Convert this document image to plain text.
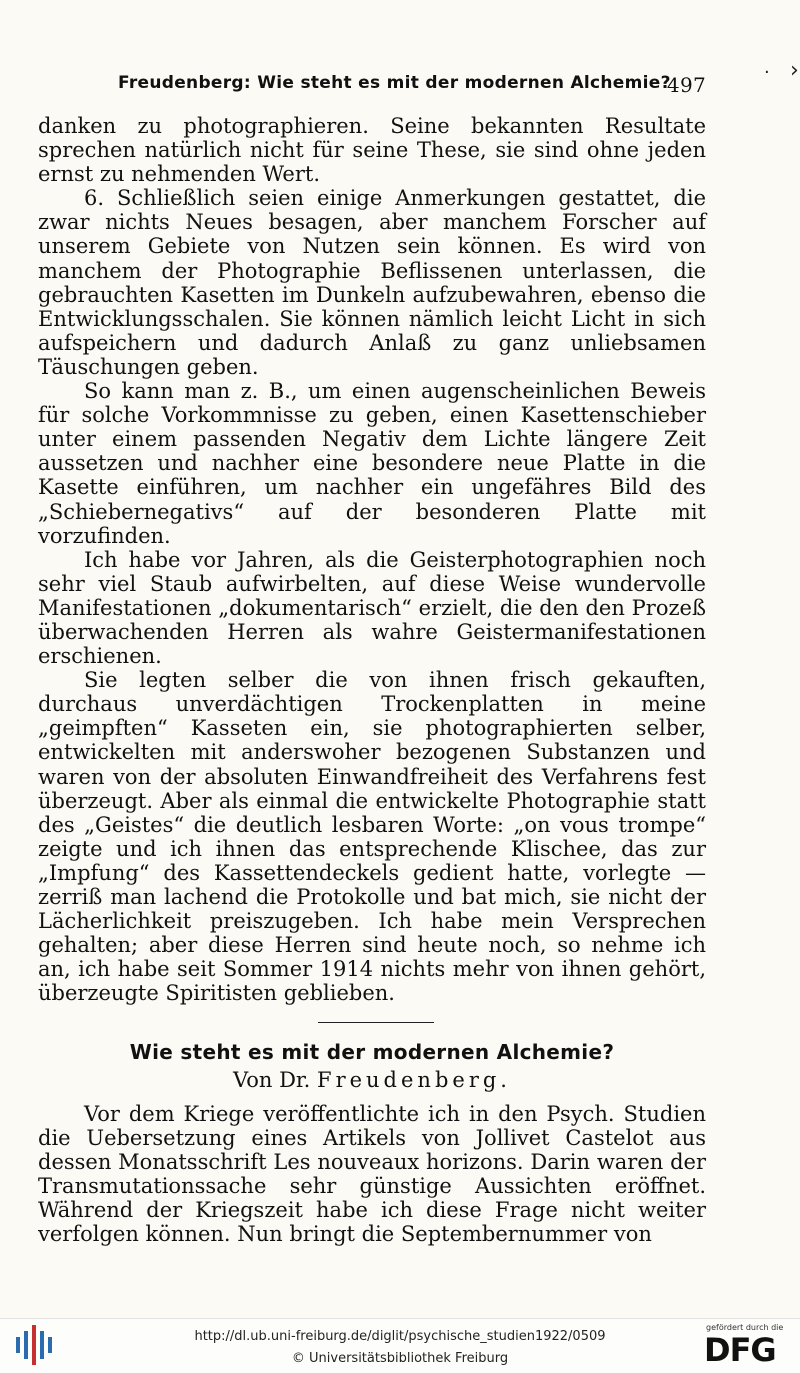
Freudenberg: Wie steht es mit der modernen Alchemie?
497
· ›

danken zu photographieren. Seine bekannten Resultate sprechen natürlich nicht für seine These, sie sind ohne jeden ernst zu nehmenden Wert.

6. Schließlich seien einige Anmerkungen gestattet, die zwar nichts Neues besagen, aber manchem Forscher auf unserem Gebiete von Nutzen sein können. Es wird von manchem der Photographie Beflissenen unterlassen, die gebrauchten Kasetten im Dunkeln aufzubewahren, ebenso die Entwicklungsschalen. Sie können nämlich leicht Licht in sich aufspeichern und dadurch Anlaß zu ganz unliebsamen Täuschungen geben.

So kann man z. B., um einen augenscheinlichen Beweis für solche Vorkommnisse zu geben, einen Kasettenschieber unter einem passenden Negativ dem Lichte längere Zeit aussetzen und nachher eine besondere neue Platte in die Kasette einführen, um nachher ein ungefähres Bild des „Schiebernegativs“ auf der besonderen Platte mit vorzufinden.

Ich habe vor Jahren, als die Geisterphotographien noch sehr viel Staub aufwirbelten, auf diese Weise wundervolle Manifestationen „dokumentarisch“ erzielt, die den den Prozeß überwachenden Herren als wahre Geistermanifestationen erschienen.

Sie legten selber die von ihnen frisch gekauften, durchaus unverdächtigen Trockenplatten in meine „geimpften“ Kasseten ein, sie photographierten selber, entwickelten mit anderswoher bezogenen Substanzen und waren von der absoluten Einwandfreiheit des Verfahrens fest überzeugt. Aber als einmal die entwickelte Photographie statt des „Geistes“ die deutlich lesbaren Worte: „on vous trompe“ zeigte und ich ihnen das entsprechende Klischee, das zur „Impfung“ des Kassettendeckels gedient hatte, vorlegte — zerriß man lachend die Protokolle und bat mich, sie nicht der Lächerlichkeit preiszugeben. Ich habe mein Versprechen gehalten; aber diese Herren sind heute noch, so nehme ich an, ich habe seit Sommer 1914 nichts mehr von ihnen gehört, überzeugte Spiritisten geblieben.

Wie steht es mit der modernen Alchemie?
Von Dr. Freudenberg.

Vor dem Kriege veröffentlichte ich in den Psych. Studien die Uebersetzung eines Artikels von Jollivet Castelot aus dessen Monatsschrift Les nouveaux horizons. Darin waren der Transmutationssache sehr günstige Aussichten eröffnet. Während der Kriegszeit habe ich diese Frage nicht weiter verfolgen können. Nun bringt die Septembernummer von

http://dl.ub.uni-freiburg.de/diglit/psychische_studien1922/0509
© Universitätsbibliothek Freiburg
gefördert durch die
DFG
